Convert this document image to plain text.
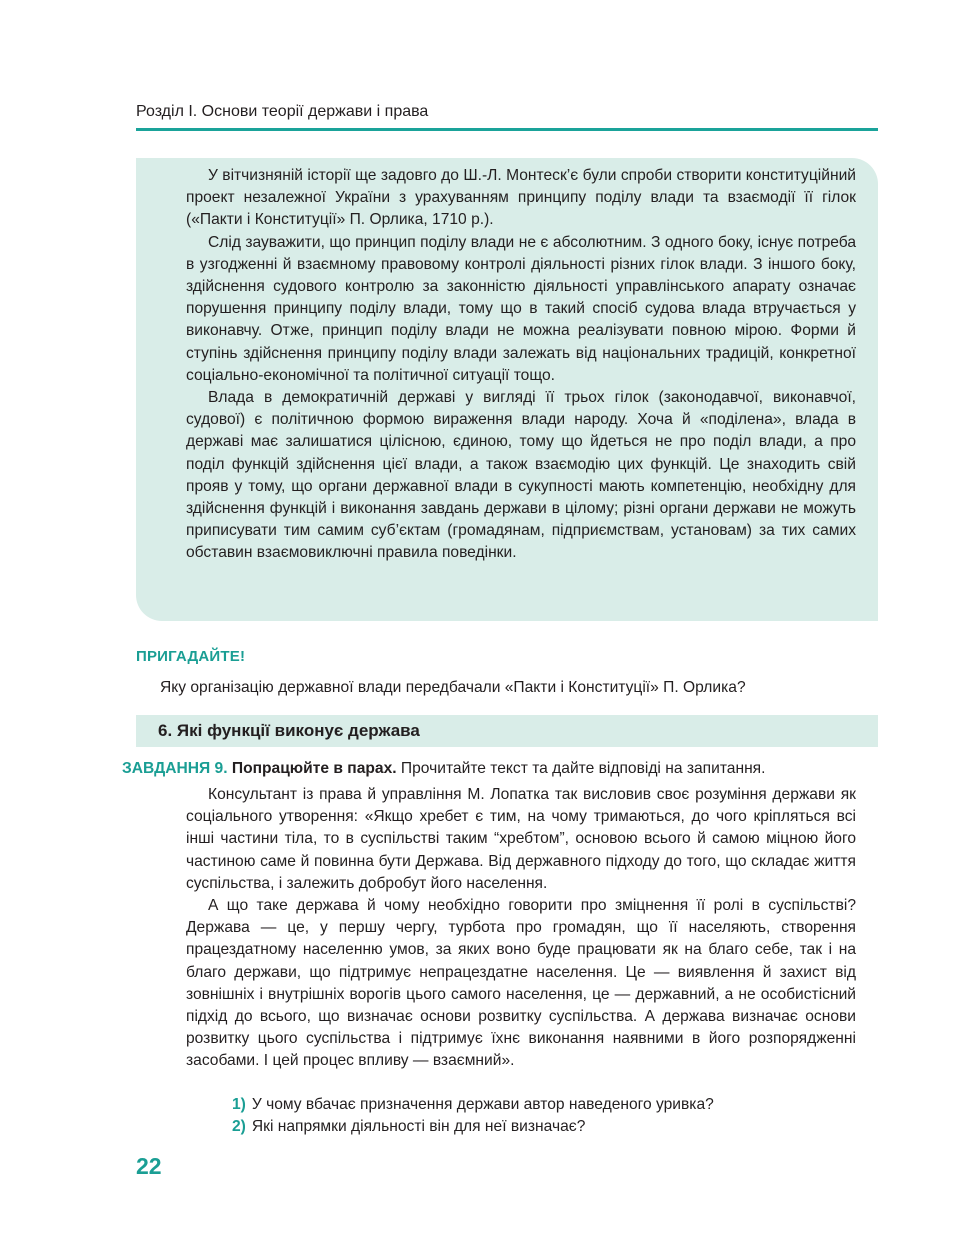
Розділ І. Основи теорії держави і права

У вітчизняній історії ще задовго до Ш.-Л. Монтеск’є були спроби створити конституційний проект незалежної України з урахуванням принципу поділу влади та взаємодії її гілок («Пакти і Конституції» П. Орлика, 1710 р.).

Слід зауважити, що принцип поділу влади не є абсолютним. З одного боку, існує потреба в узгодженні й взаємному правовому контролі діяльності різних гілок влади. З іншого боку, здійснення судового контролю за законністю діяльності управлінського апарату означає порушення принципу поділу влади, тому що в такий спосіб судова влада втручається у виконавчу. Отже, принцип поділу влади не можна реалізувати повною мірою. Форми й ступінь здійснення принципу поділу влади залежать від національних традицій, конкретної соціально-економічної та політичної ситуації тощо.

Влада в демократичній державі у вигляді її трьох гілок (законодавчої, виконавчої, судової) є політичною формою вираження влади народу. Хоча й «поділена», влада в державі має залишатися цілісною, єдиною, тому що йдеться не про поділ влади, а про поділ функцій здійснення цієї влади, а також взаємодію цих функцій. Це знаходить свій прояв у тому, що органи державної влади в сукупності мають компетенцію, необхідну для здійснення функцій і виконання завдань держави в цілому; різні органи держави не можуть приписувати тим самим суб’єктам (громадянам, підприємствам, установам) за тих самих обставин взаємовиключні правила поведінки.

ПРИГАДАЙТЕ!
Яку організацію державної влади передбачали «Пакти і Конституції» П. Орлика?
6. Які функції виконує держава
ЗАВДАННЯ 9. Попрацюйте в парах. Прочитайте текст та дайте відповіді на запитання.

Консультант із права й управління М. Лопатка так висловив своє розуміння держави як соціального утворення: «Якщо хребет є тим, на чому тримаються, до чого кріпляться всі інші частини тіла, то в суспільстві таким “хребтом”, основою всього й самою міцною його частиною саме й повинна бути Держава. Від державного підходу до того, що складає життя суспільства, і залежить добробут його населення.

А що таке держава й чому необхідно говорити про зміцнення її ролі в суспільстві? Держава — це, у першу чергу, турбота про громадян, що її населяють, створення працездатному населенню умов, за яких воно буде працювати як на благо себе, так і на благо держави, що підтримує непрацездатне населення. Це — виявлення й захист від зовнішніх і внутрішніх ворогів цього самого населення, це — державний, а не особистісний підхід до всього, що визначає основи розвитку суспільства. А держава визначає основи розвитку цього суспільства і підтримує їхнє виконання наявними в його розпорядженні засобами. І цей процес впливу — взаємний».

1) У чому вбачає призначення держави автор наведеного уривка?
2) Які напрямки діяльності він для неї визначає?
22
